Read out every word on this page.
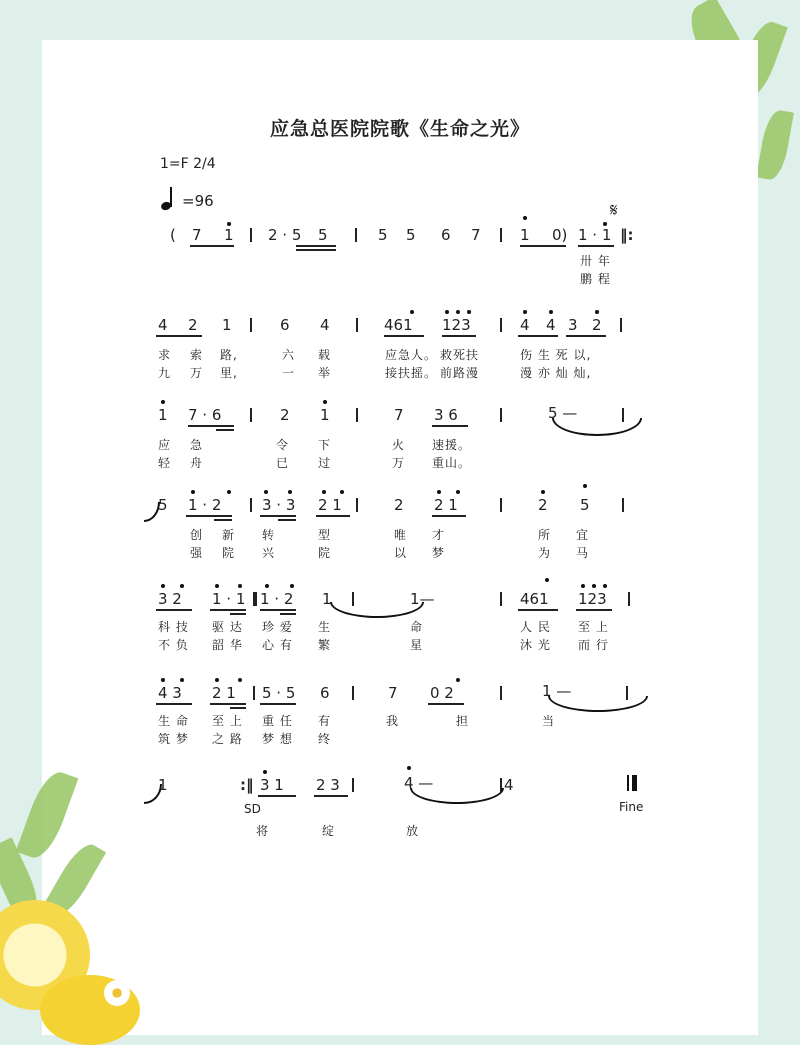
应急总医院院歌《生命之光》
1=F 2/4
=96	𝄋
( 7 1 2 · 5 5	5 5 6 7	1 0) 1 · 1 ‖:
卅 年
鹏 程
4 2 1	6 4	461 123	4 4 3 2
求 索 路,	六 载	应急人。 救死扶	伤 生 死 以,
九 万 里,	一 举	接扶摇。 前路漫	漫 亦 灿 灿,
1 7 · 6	2 1	7 3 6	5 —
应 急	令 下	火 速援。
轻 舟	已 过	万 重山。
5 1 · 2	3 · 3 2 1	2 2 1	2 5
创 新 转	型	唯 才	所 宜
强 院 兴	院	以 梦	为 马
3 2 1 · 1 1 · 2 1	1—	461 123
科 技 驱 达 珍 爱 生	命	人 民 至 上
不 负 韶 华 心 有 繁	星	沐 光 而 行
4 3 2 1 5 · 5 6	7 0 2	1 —
生 命 至 上 重 任 有	我	担	当
筑 梦 之 路 梦 想 终
1	:‖ 3 1 2 3	4 —	4
SD	Fine
将	绽	放
